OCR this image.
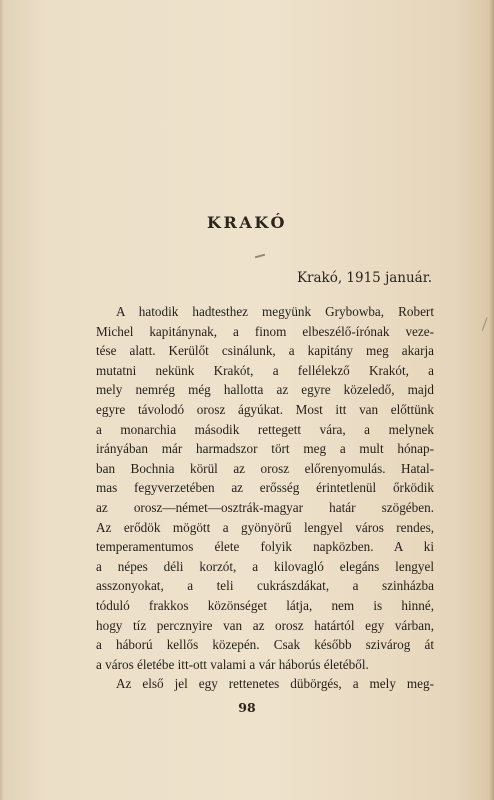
KRAKÓ
Krakó, 1915 január.

A hatodik hadtesthez megyünk Grybowba, Robert
Michel kapitánynak, a finom elbeszélő-írónak veze-
tése alatt. Kerülőt csinálunk, a kapitány meg akarja
mutatni nekünk Krakót, a fellélekző Krakót, a
mely nemrég még hallotta az egyre közeledő, majd
egyre távolodó orosz ágyúkat. Most itt van előttünk
a monarchia második rettegett vára, a melynek
irányában már harmadszor tört meg a mult hónap-
ban Bochnia körül az orosz előrenyomulás. Hatal-
mas fegyverzetében az erősség érintetlenül őrködik
az orosz—német—osztrák-magyar határ szögében.
Az erődök mögött a gyönyörű lengyel város rendes,
temperamentumos élete folyik napközben. A ki
a népes déli korzót, a kilovagló elegáns lengyel
asszonyokat, a teli cukrászdákat, a szinházba
tóduló frakkos közönséget látja, nem is hinné,
hogy tíz perczny​ire van az orosz határtól egy várban,
a háború kellős közepén. Csak később szivárog át
a város életébe itt-ott valami a vár háborús életéből.

Az első jel egy rettenetes dübörgés, a mely meg-

98
